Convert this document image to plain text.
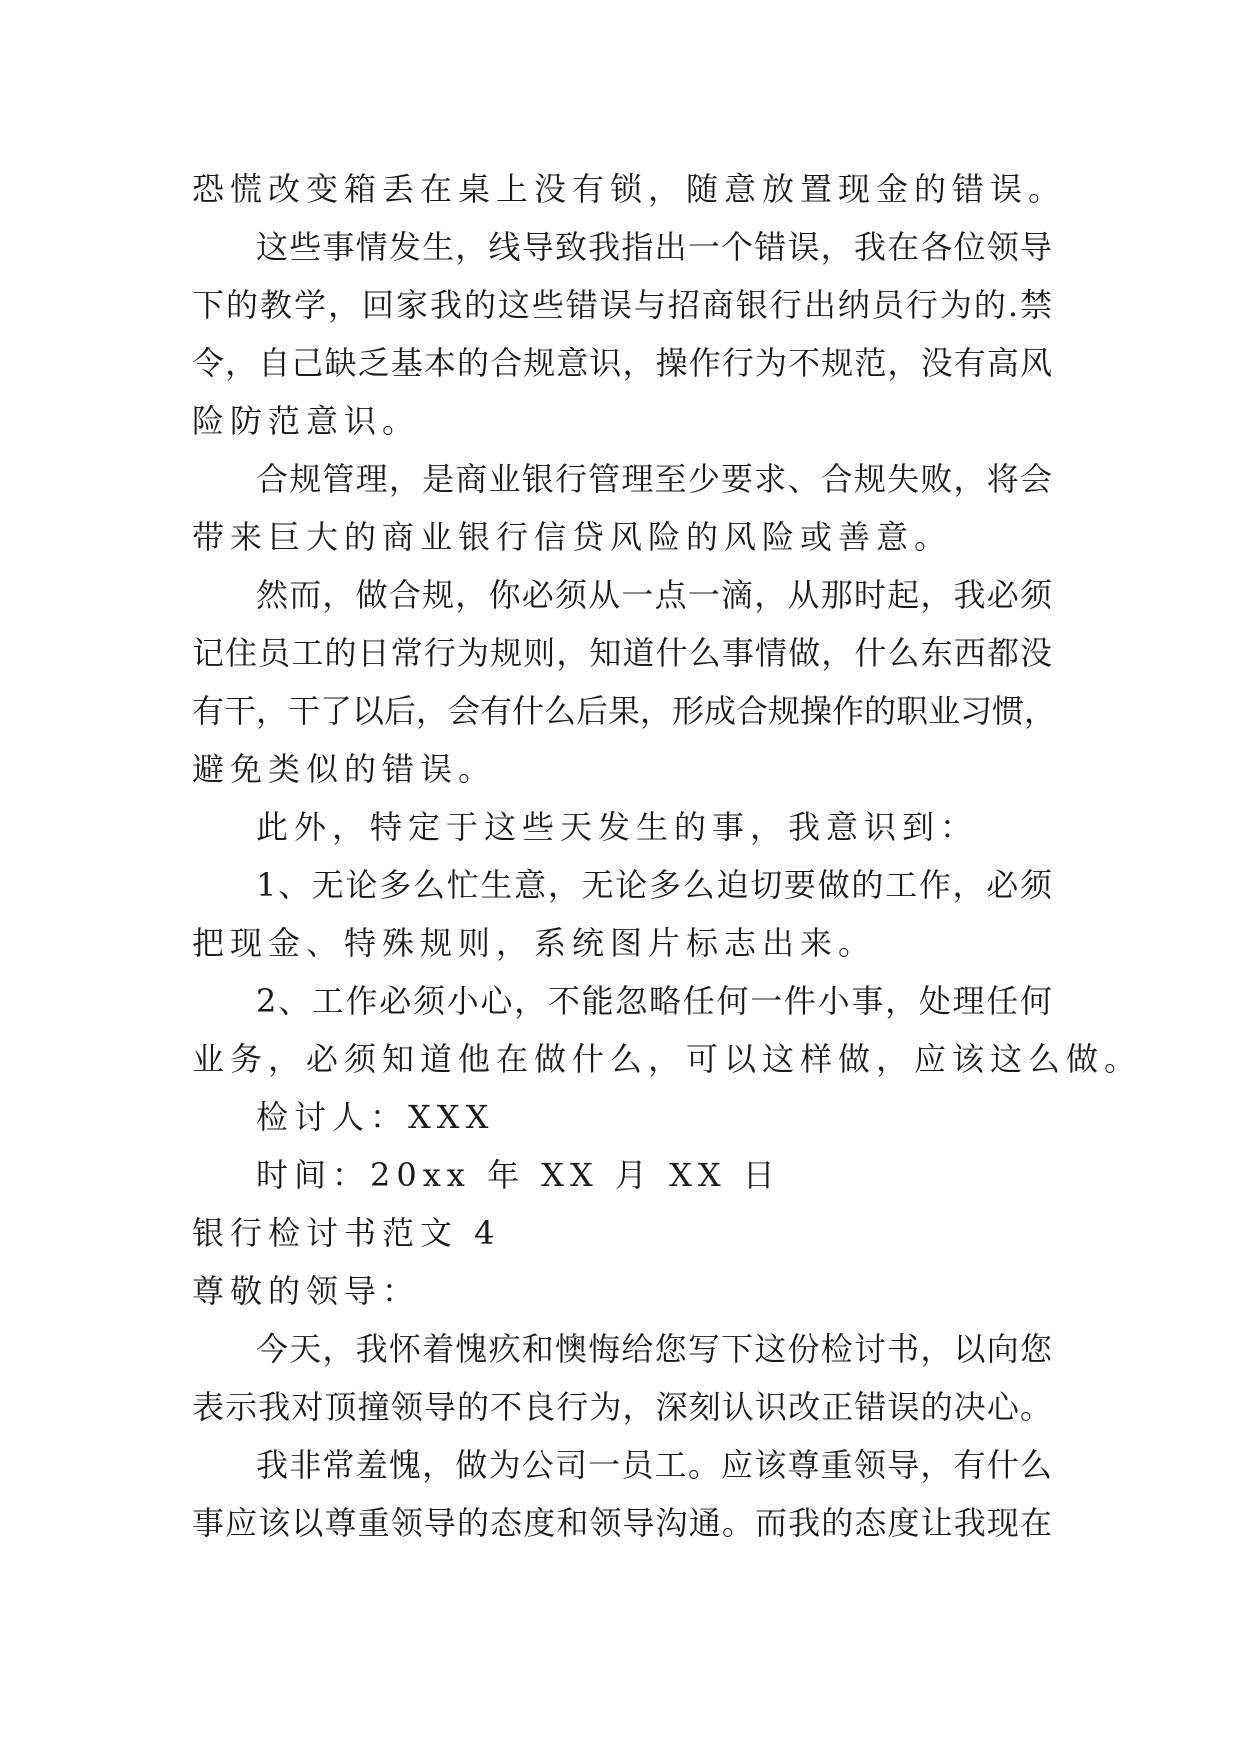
恐慌改变箱丢在桌上没有锁，随意放置现金的错误。
这些事情发生，线导致我指出一个错误，我在各位领导
下的教学，回家我的这些错误与招商银行出纳员行为的.禁
令，自己缺乏基本的合规意识，操作行为不规范，没有高风
险防范意识。
合规管理，是商业银行管理至少要求、合规失败，将会
带来巨大的商业银行信贷风险的风险或善意。
然而，做合规，你必须从一点一滴，从那时起，我必须
记住员工的日常行为规则，知道什么事情做，什么东西都没
有干，干了以后，会有什么后果，形成合规操作的职业习惯，
避免类似的错误。
此外，特定于这些天发生的事，我意识到：
1、无论多么忙生意，无论多么迫切要做的工作，必须
把现金、特殊规则，系统图片标志出来。
2、工作必须小心，不能忽略任何一件小事，处理任何
业务，必须知道他在做什么，可以这样做，应该这么做。
检讨人：XXX
时间：20xx 年 XX 月 XX 日
银行检讨书范文 4
尊敬的领导：
今天，我怀着愧疚和懊悔给您写下这份检讨书，以向您
表示我对顶撞领导的不良行为，深刻认识改正错误的决心。
我非常羞愧，做为公司一员工。应该尊重领导，有什么
事应该以尊重领导的态度和领导沟通。而我的态度让我现在
